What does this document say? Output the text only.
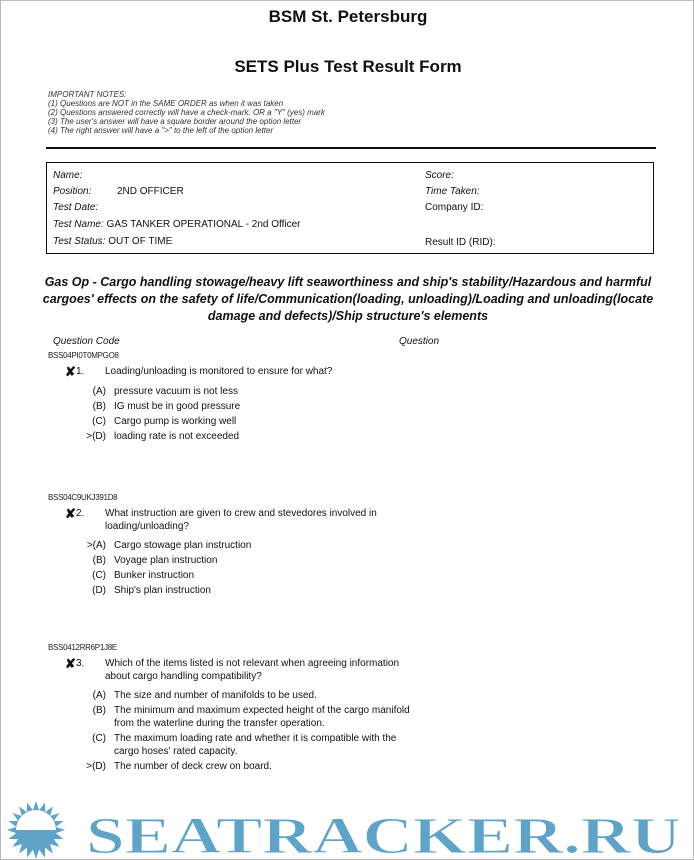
BSM St. Petersburg
SETS Plus Test Result Form
IMPORTANT NOTES:
(1) Questions are NOT in the SAME ORDER as when it was taken
(2) Questions answered correctly will have a check-mark, OR a "Y" (yes) mark
(3) The user's answer will have a square border around the option letter
(4) The right answer will have a ">" to the left of the option letter
Name:
Position:	2ND OFFICER
Test Date:
Test Name: GAS TANKER OPERATIONAL - 2nd Officer
Test Status: OUT OF TIME
Score:
Time Taken:
Company ID:
Result ID (RID):
Gas Op - Cargo handling stowage/heavy lift seaworthiness and ship's stability/Hazardous and harmful cargoes' effects on the safety of life/Communication(loading, unloading)/Loading and unloading(locate damage and defects)/Ship structure's elements
Question Code	Question
BSS04PI0T0MPGO8
✘ 1.	Loading/unloading is monitored to ensure for what?
(A) pressure vacuum is not less
(B) IG must be in good pressure
(C) Cargo pump is working well
>(D) loading rate is not exceeded
BSS04C9UKJ391D8
✘ 2.	What instruction are given to crew and stevedores involved in loading/unloading?
>(A) Cargo stowage plan instruction
(B) Voyage plan instruction
(C) Bunker instruction
(D) Ship's plan instruction
BSS0412RR6P1J8E
✘ 3.	Which of the items listed is not relevant when agreeing information about cargo handling compatibility?
(A) The size and number of manifolds to be used.
(B) The minimum and maximum expected height of the cargo manifold from the waterline during the transfer operation.
(C) The maximum loading rate and whether it is compatible with the cargo hoses' rated capacity.
>(D) The number of deck crew on board.
SEATRACKER.RU
